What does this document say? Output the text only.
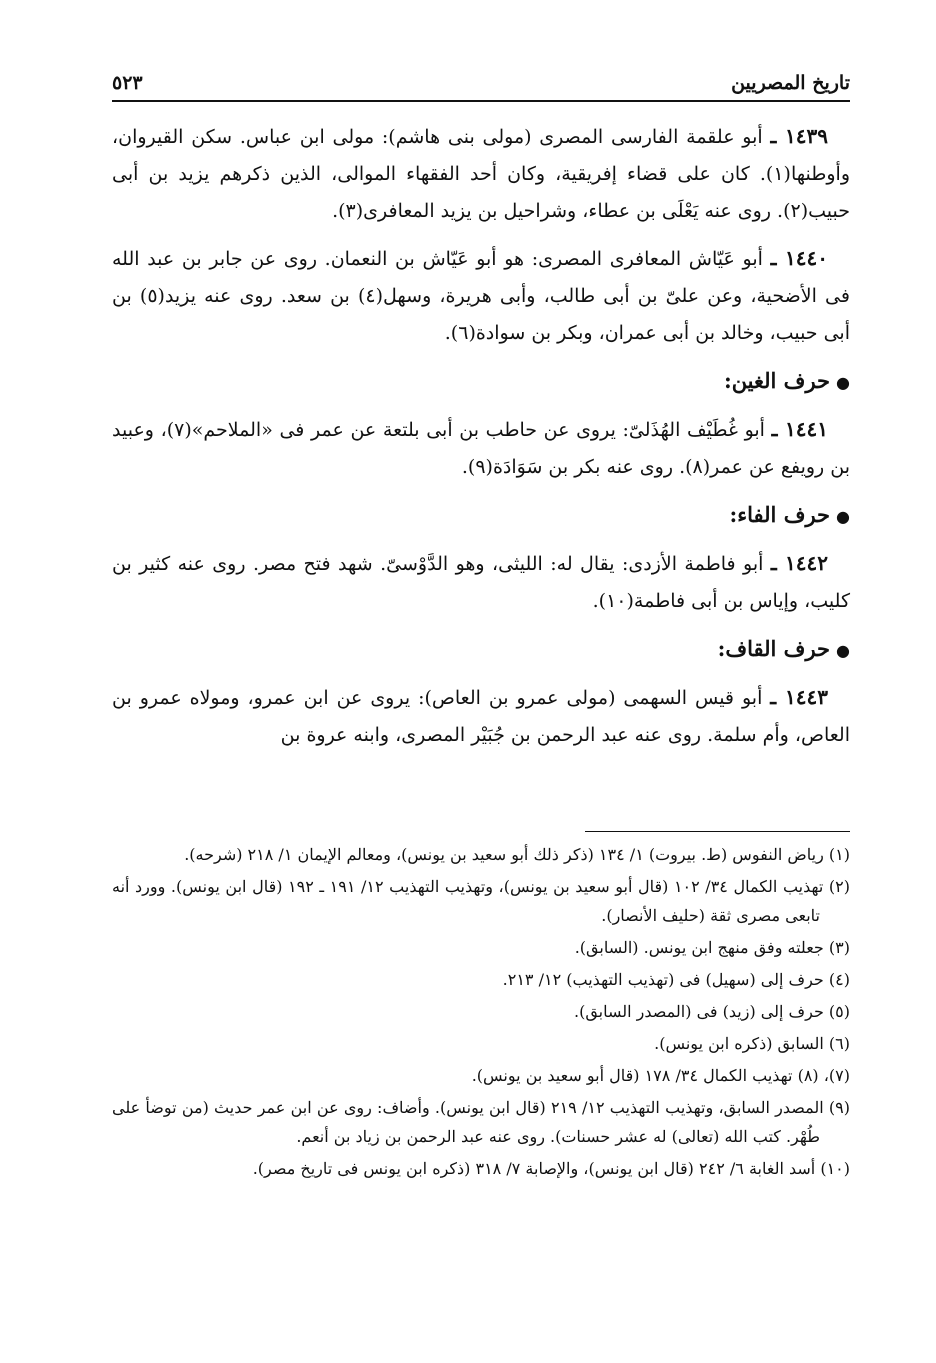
٥٢٣	تاريخ المصريين

١٤٣٩ ـ أبو علقمة الفارسى المصرى (مولى بنى هاشم): مولى ابن عباس. سكن القيروان، وأوطنها(١). كان على قضاء إفريقية، وكان أحد الفقهاء الموالى، الذين ذكرهم يزيد بن أبى حبيب(٢). روى عنه يَعْلَى بن عطاء، وشراحيل بن يزيد المعافرى(٣).

١٤٤٠ ـ أبو عَيّاش المعافرى المصرى: هو أبو عَيّاش بن النعمان. روى عن جابر بن عبد الله فى الأضحية، وعن علىّ بن أبى طالب، وأبى هريرة، وسهل(٤) بن سعد. روى عنه يزيد(٥) بن أبى حبيب، وخالد بن أبى عمران، وبكر بن سوادة(٦).

●حرف الغين:

١٤٤١ ـ أبو غُطَيْف الهُذَلىّ: يروى عن حاطب بن أبى بلتعة عن عمر فى «الملاحم»(٧)، وعبيد بن رويفع عن عمر(٨). روى عنه بكر بن سَوَادَة(٩).

●حرف الفاء:

١٤٤٢ ـ أبو فاطمة الأزدى: يقال له: الليثى، وهو الدَّوْسىّ. شهد فتح مصر. روى عنه كثير بن كليب، وإياس بن أبى فاطمة(١٠).

●حرف القاف:

١٤٤٣ ـ أبو قيس السهمى (مولى عمرو بن العاص): يروى عن ابن عمرو، ومولاه عمرو بن العاص، وأم سلمة. روى عنه عبد الرحمن بن جُبَيْر المصرى، وابنه عروة بن

(١) رياض النفوس (ط. بيروت) ١/ ١٣٤ (ذكر ذلك أبو سعيد بن يونس)، ومعالم الإيمان ١/ ٢١٨ (شرحه).

(٢) تهذيب الكمال ٣٤/ ١٠٢ (قال أبو سعيد بن يونس)، وتهذيب التهذيب ١٢/ ١٩١ ـ ١٩٢ (قال ابن يونس). وورد أنه تابعى مصرى ثقة (حليف الأنصار).

(٣) جعلته وفق منهج ابن يونس. (السابق).

(٤) حرف إلى (سهيل) فى (تهذيب التهذيب) ١٢/ ٢١٣.

(٥) حرف إلى (زيد) فى (المصدر السابق).

(٦) السابق (ذكره ابن يونس).

(٧)، (٨) تهذيب الكمال ٣٤/ ١٧٨ (قال أبو سعيد بن يونس).

(٩) المصدر السابق، وتهذيب التهذيب ١٢/ ٢١٩ (قال ابن يونس). وأضاف: روى عن ابن عمر حديث (من توضأ على طُهْر. كتب الله (تعالى) له عشر حسنات). روى عنه عبد الرحمن بن زياد بن أنعم.

(١٠) أسد الغابة ٦/ ٢٤٢ (قال ابن يونس)، والإصابة ٧/ ٣١٨ (ذكره ابن يونس فى تاريخ مصر).
